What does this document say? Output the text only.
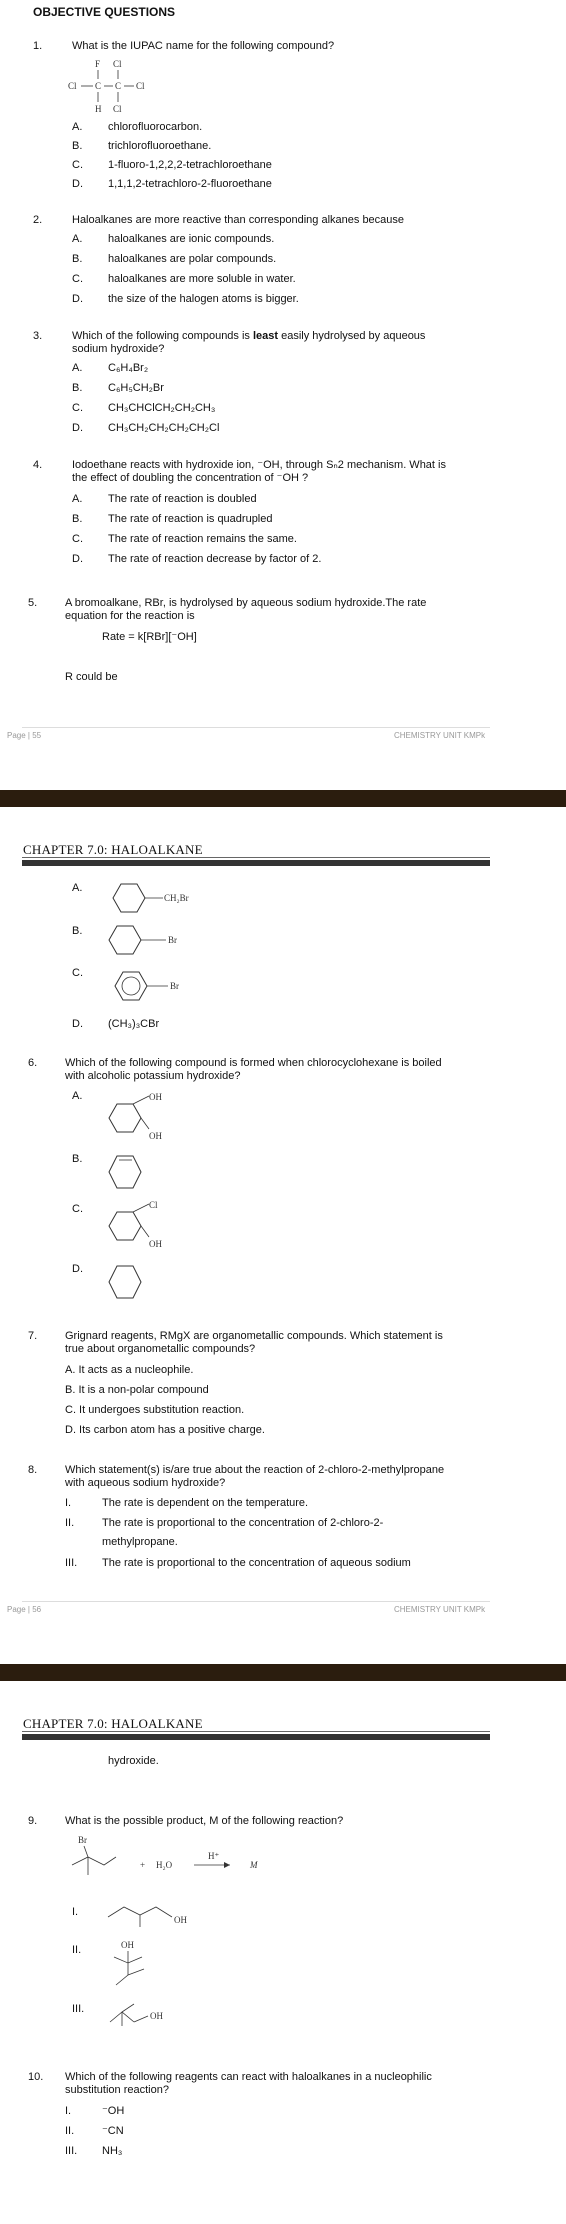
OBJECTIVE QUESTIONS
1.	What is the IUPAC name for the following compound?
F Cl
Cl	Cl
H Cl
C C
A. chlorofluorocarbon.
B. trichlorofluoroethane.
C. 1-fluoro-1,2,2,2-tetrachloroethane
D. 1,1,1,2-tetrachloro-2-fluoroethane
2.	Haloalkanes are more reactive than corresponding alkanes because
A. haloalkanes are ionic compounds.
B. haloalkanes are polar compounds.
C. haloalkanes are more soluble in water.
D. the size of the halogen atoms is bigger.
3.	Which of the following compounds is least easily hydrolysed by aqueous
sodium hydroxide?
A. C₆H₄Br₂
B. C₆H₅CH₂Br
C. CH₃CHClCH₂CH₂CH₃
D. CH₃CH₂CH₂CH₂CH₂Cl
4.	Iodoethane reacts with hydroxide ion, ⁻OH, through Sₙ2 mechanism. What is
the effect of doubling the concentration of ⁻OH ?
A. The rate of reaction is doubled
B. The rate of reaction is quadrupled
C. The rate of reaction remains the same.
D. The rate of reaction decrease by factor of 2.
5.	A bromoalkane, RBr, is hydrolysed by aqueous sodium hydroxide.The rate
equation for the reaction is
Rate = k[RBr][⁻OH]
R could be
Page | 55	CHEMISTRY UNIT KMPk
CHAPTER 7.0: HALOALKANE
A.
CH₂Br
B.
Br
C.
Br
D. (CH₃)₃CBr
6.	Which of the following compound is formed when chlorocyclohexane is boiled
with alcoholic potassium hydroxide?
A.	OH
OH
B.
C.	Cl
OH
D.
7.	Grignard reagents, RMgX are organometallic compounds. Which statement is
true about organometallic compounds?
A. It acts as a nucleophile.
B. It is a non-polar compound
C. It undergoes substitution reaction.
D. Its carbon atom has a positive charge.
8.	Which statement(s) is/are true about the reaction of 2-chloro-2-methylpropane
with aqueous sodium hydroxide?
I.	The rate is dependent on the temperature.
II.	The rate is proportional to the concentration of 2-chloro-2-
methylpropane.
III. The rate is proportional to the concentration of aqueous sodium
Page | 56	CHEMISTRY UNIT KMPk
CHAPTER 7.0: HALOALKANE
hydroxide.
9.	What is the possible product, M of the following reaction?
Br
+ H₂O
H⁺
M
I.
OH
II.	OH
III.
OH
10. Which of the following reagents can react with haloalkanes in a nucleophilic
substitution reaction?
I.	⁻OH
II.	⁻CN
III. NH₃
